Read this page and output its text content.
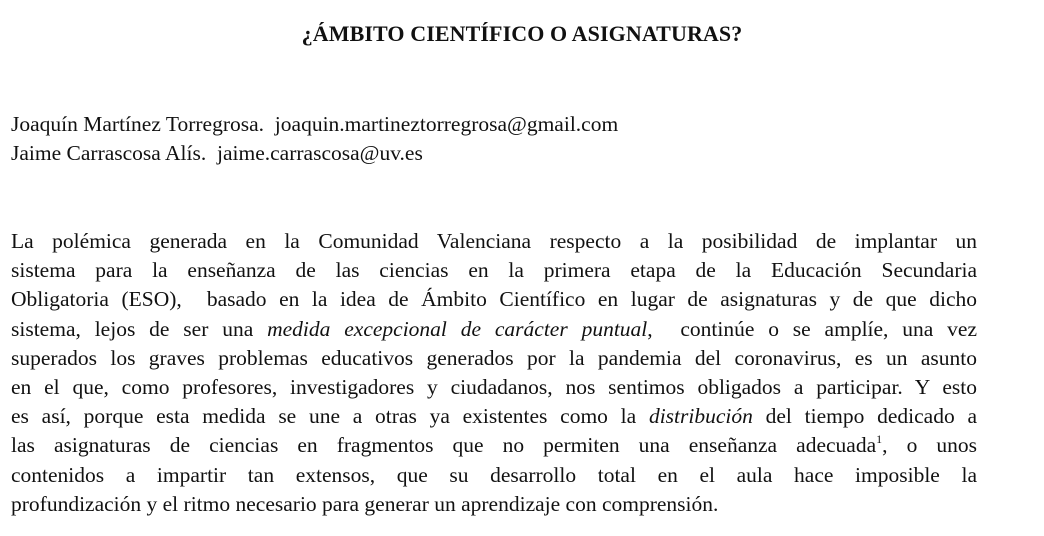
¿ÁMBITO CIENTÍFICO O ASIGNATURAS?
Joaquín Martínez Torregrosa. joaquin.martineztorregrosa@gmail.com
Jaime Carrascosa Alís. jaime.carrascosa@uv.es
La polémica generada en la Comunidad Valenciana respecto a la posibilidad de implantar un
sistema para la enseñanza de las ciencias en la primera etapa de la Educación Secundaria
Obligatoria (ESO),  basado en la idea de Ámbito Científico en lugar de asignaturas y de que dicho
sistema, lejos de ser una medida excepcional de carácter puntual,  continúe o se amplíe, una vez
superados los graves problemas educativos generados por la pandemia del coronavirus, es un asunto
en el que, como profesores, investigadores y ciudadanos, nos sentimos obligados a participar. Y esto
es así, porque esta medida se une a otras ya existentes como la distribución del tiempo dedicado a
las asignaturas de ciencias en fragmentos que no permiten una enseñanza adecuada$^1$, o unos
contenidos a impartir tan extensos, que su desarrollo total en el aula hace imposible la
profundización y el ritmo necesario para generar un aprendizaje con comprensión.
